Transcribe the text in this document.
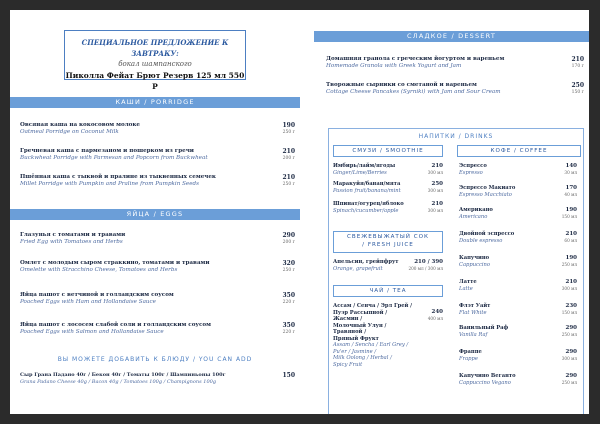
СПЕЦИАЛЬНОЕ ПРЕДЛОЖЕНИЕ К ЗАВТРАКУ:
бокал шампанского
Пиколла Фейат Брют Резерв 125 мл 550 Р
КАШИ / PORRIDGE
Овсяная каша на кокосовом молоке
Oatmeal Porridge on Coconut Milk
190
250 г
Гречневая каша с пармезаном и пошерком из гречи
Buckwheat Porridge with Parmesan and Popcorn from Buckwheat
210
200 г
Пшённая каша с тыквой и пралине из тыквенных семечек
Millet Porridge with Pumpkin and Praline from Pumpkin Seeds
210
250 г
ЯЙЦА / EGGS
Глазунья с томатами и травами
Fried Egg with Tomatoes and Herbs
290
200 г
Омлет с молодым сыром страккино, томатами и травами
Omelette with Stracchino Cheese, Tomatoes and Herbs
320
250 г
Яйца пашот с ветчиной и голландским соусом
Poached Eggs with Ham and Hollandaise Sauce
350
220 г
Яйца пашот с лососем слабой соли и голландским соусом
Poached Eggs with Salmon and Hollandaise Sauce
350
220 г
ВЫ МОЖЕТЕ ДОБАВИТЬ К БЛЮДУ / YOU CAN ADD
Сыр Грана Падано 40г / Бекон 40г / Томаты 100г / Шампиньоны 100г
Grana Padano Cheese 40g / Bacon 40g / Tomatoes 100g / Champignons 100g
150
СЛАДКОЕ / DESSERT
Домашняя гранола с греческим йогуртом и вареньем
Homemade Granola with Greek Yogurt and Jam
210
170 г
Творожные сырники со сметаной и вареньем
Cottage Cheese Pancakes (Syrniki) with Jam and Sour Cream
250
150 г
НАПИТКИ / DRINKS
СМУЗИ / SMOOTHIE
Имбирь/лайм/ягоды
Ginger/Lime/Berries
210
300 мл
Маракуйя/банан/мята
Passion fruit/banana/mint
250
300 мл
Шпинат/огурец/яблоко
Spinach/cucumber/apple
210
300 мл
СВЕЖЕВЫЖАТЫЙ СОК
/ FRESH JUICE
Апельсин, грейпфрут
Orange, grapefruit
210 / 390
200 мл / 300 мл
ЧАЙ / TEA
Ассам / Сенча / Эрл Грей /
Пуэр Рассыпной / Жасмин /
Молочный Улун / Травяной /
Пряный Фрукт
Assam / Sencha / Earl Grey /
Pu'er / Jasmine /
Milk Oolong / Herbal /
Spicy Fruit
240
400 мл
КОФЕ / COFFEE
Эспрессо
Espresso
140
30 мл
Эспрессо Макиато
Espresso Macchiato
170
40 мл
Американо
Americano
190
150 мл
Двойной эспрессо
Double espresso
210
60 мл
Капучино
Cappuccino
190
250 мл
Латте
Latte
210
300 мл
Флэт Уайт
Flat White
230
150 мл
Ванильный Раф
Vanilla Raf
290
250 мл
Фраппе
Frappe
290
300 мл
Капучино Веганто
Cappuccino Vegano
290
250 мл
